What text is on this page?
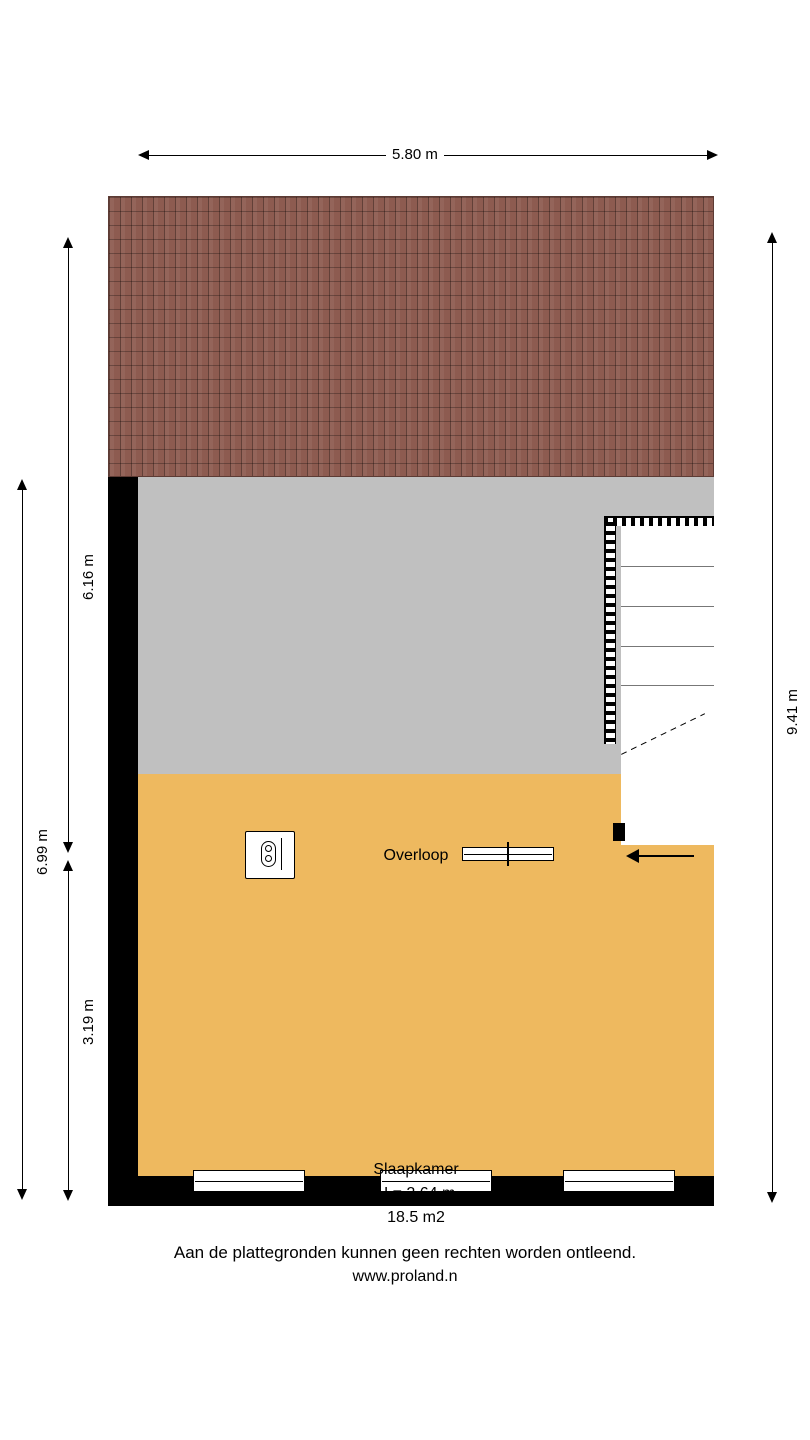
5.80 m
9.41 m
6.99 m
6.16 m
3.19 m
Overloop
Slaapkamer
H = 2.64 m
18.5 m2
Aan de plattegronden kunnen geen rechten worden ontleend.
www.proland.n
